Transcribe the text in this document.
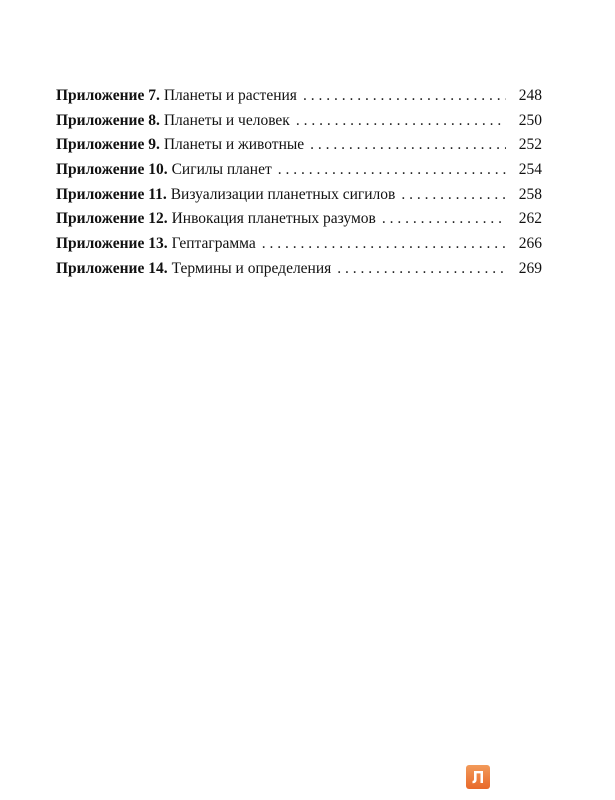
Приложение 7. Планеты и растения . . .	248
Приложение 8. Планеты и человек . . .	250
Приложение 9. Планеты и животные . . .	252
Приложение 10. Сигилы планет . . .	254
Приложение 11. Визуализации планетных сигилов . . .	258
Приложение 12. Инвокация планетных разумов . . .	262
Приложение 13. Гептаграмма . . .	266
Приложение 14. Термины и определения . . .	269
